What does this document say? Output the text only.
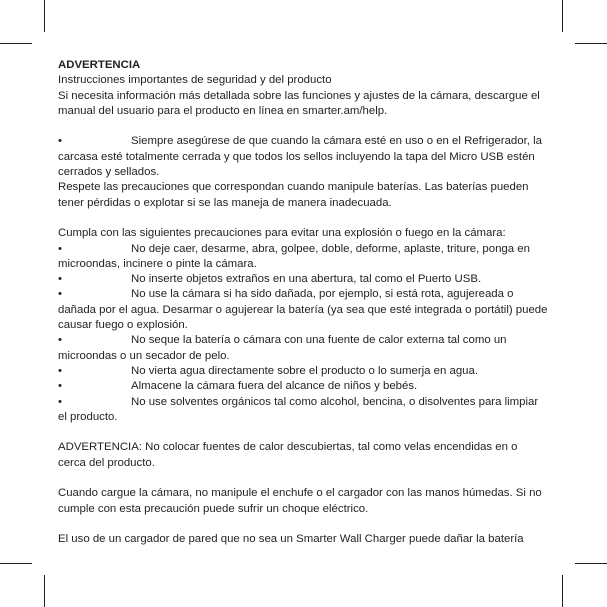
ADVERTENCIA

Instrucciones importantes de seguridad y del producto

Si necesita información más detallada sobre las funciones y ajustes de la cámara, descargue el manual del usuario para el producto en línea en smarter.am/help.

•	Siempre asegúrese de que cuando la cámara esté en uso o en el Refrigerador, la carcasa esté totalmente cerrada y que todos los sellos incluyendo la tapa del Micro USB estén cerrados y sellados.

Respete las precauciones que correspondan cuando manipule baterías. Las baterías pueden tener pérdidas o explotar si se las maneja de manera inadecuada.

Cumpla con las siguientes precauciones para evitar una explosión o fuego en la cámara:

•	No deje caer, desarme, abra, golpee, doble, deforme, aplaste, triture, ponga en microondas, incinere o pinte la cámara.

•	No inserte objetos extraños en una abertura, tal como el Puerto USB.

•	No use la cámara si ha sido dañada, por ejemplo, si está rota, agujereada o dañada por el agua. Desarmar o agujerear la batería (ya sea que esté integrada o portátil) puede causar fuego o explosión.

•	No seque la batería o cámara con una fuente de calor externa tal como un microondas o un secador de pelo.

•	No vierta agua directamente sobre el producto o lo sumerja en agua.

•	Almacene la cámara fuera del alcance de niños y bebés.

•	No use solventes orgánicos tal como alcohol, bencina, o disolventes para limpiar el producto.

ADVERTENCIA: No colocar fuentes de calor descubiertas, tal como velas encendidas en o cerca del producto.

Cuando cargue la cámara, no manipule el enchufe o el cargador con las manos húmedas. Si no cumple con esta precaución puede sufrir un choque eléctrico.

El uso de un cargador de pared que no sea un Smarter Wall Charger puede dañar la batería
